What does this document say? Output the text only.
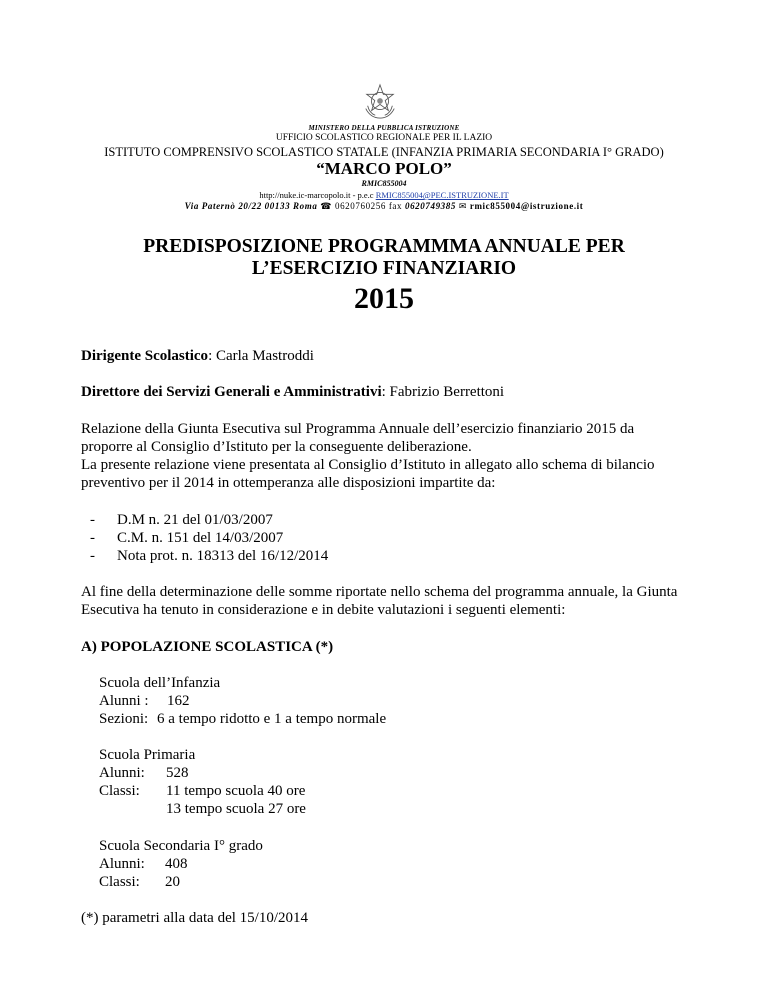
MINISTERO DELLA PUBBLICA ISTRUZIONE
UFFICIO SCOLASTICO REGIONALE PER IL LAZIO
ISTITUTO COMPRENSIVO SCOLASTICO STATALE (INFANZIA PRIMARIA SECONDARIA I° GRADO)
“MARCO POLO”
RMIC855004
http://nuke.ic-marcopolo.it - p.e.c RMIC855004@PEC.ISTRUZIONE.IT
Via Paternò 20/22 00133 Roma ☎ 0620760256 fax 0620749385 ✉ rmic855004@istruzione.it
PREDISPOSIZIONE PROGRAMMMA ANNUALE PER
L’ESERCIZIO FINANZIARIO
2015
Dirigente Scolastico: Carla Mastroddi
Direttore dei Servizi Generali e Amministrativi: Fabrizio Berrettoni
Relazione della Giunta Esecutiva sul Programma Annuale dell’esercizio finanziario 2015 da
proporre al Consiglio d’Istituto per la conseguente deliberazione.
La presente relazione viene presentata al Consiglio d’Istituto in allegato allo schema di bilancio
preventivo per il 2014 in ottemperanza alle disposizioni impartite da:
- D.M n. 21 del 01/03/2007
- C.M. n. 151 del 14/03/2007
- Nota prot. n. 18313 del 16/12/2014
Al fine della determinazione delle somme riportate nello schema del programma annuale, la Giunta
Esecutiva ha tenuto in considerazione e in debite valutazioni i seguenti elementi:
A) POPOLAZIONE SCOLASTICA (*)
Scuola dell’Infanzia
Alunni : 162
Sezioni: 6 a tempo ridotto e 1 a tempo normale
Scuola Primaria
Alunni: 528
Classi: 11 tempo scuola 40 ore
13 tempo scuola 27 ore
Scuola Secondaria I° grado
Alunni: 408
Classi: 20
(*) parametri alla data del 15/10/2014
